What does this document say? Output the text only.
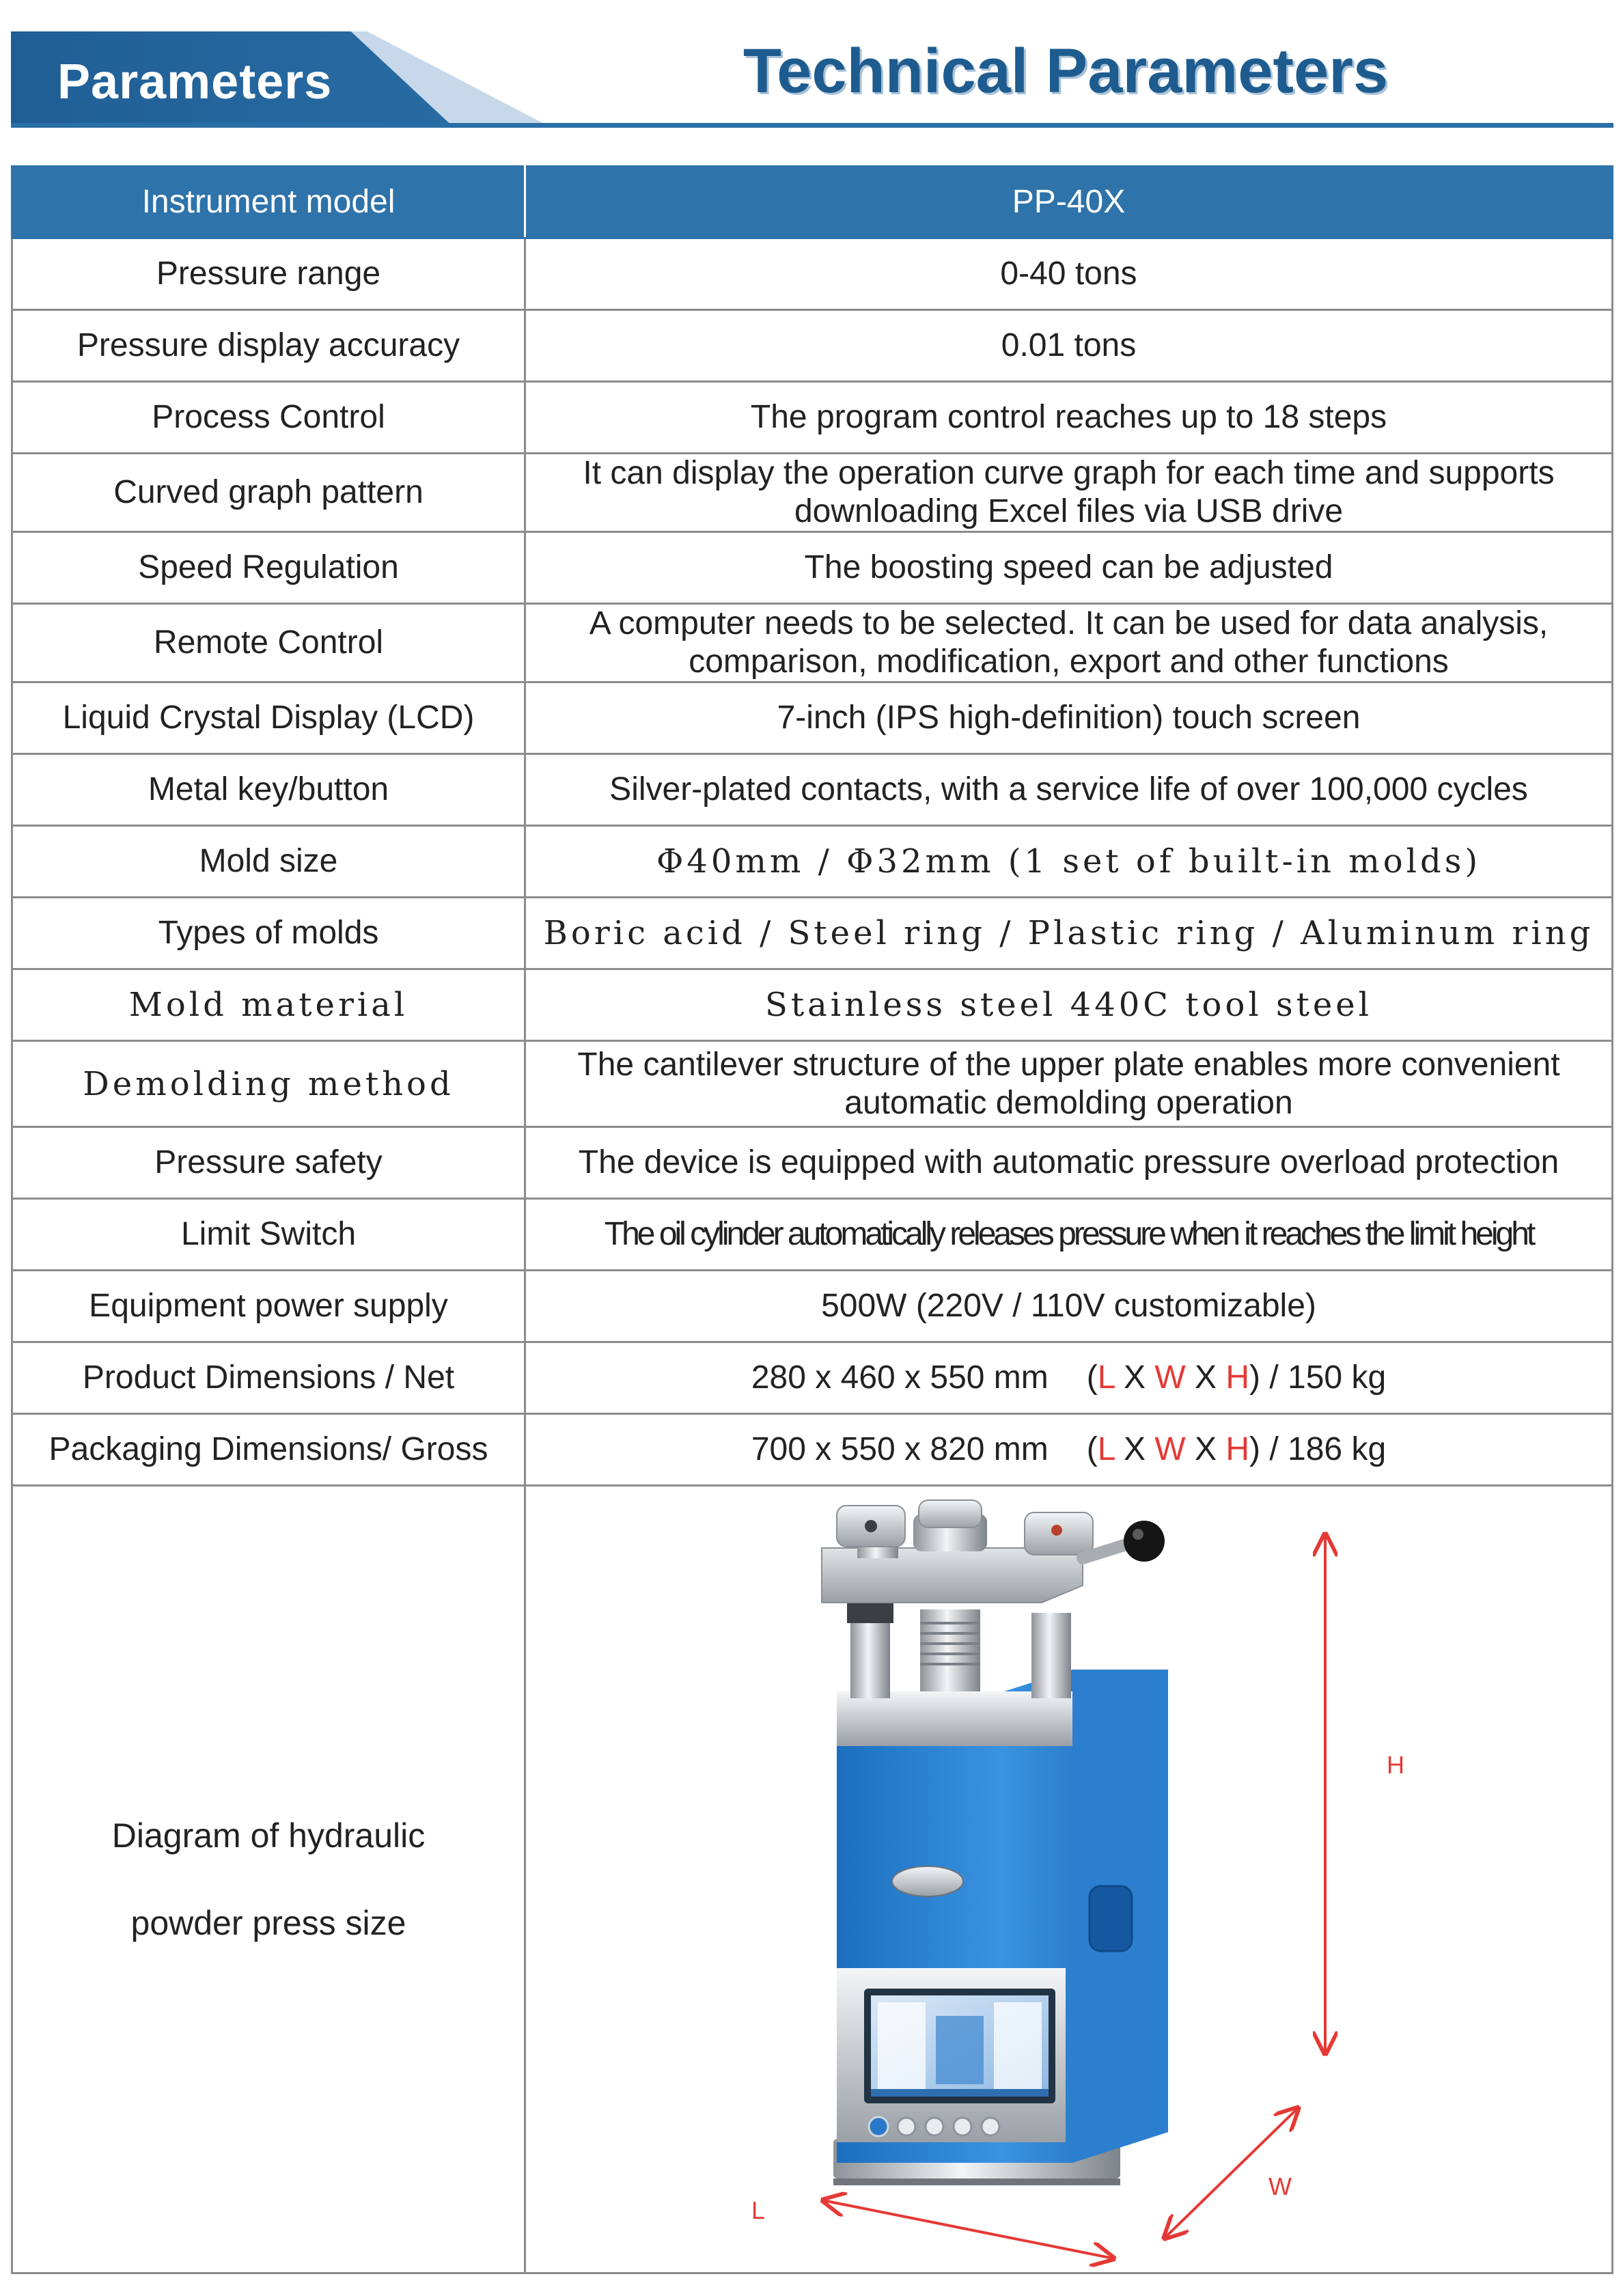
Parameters	Technical Parameters
Instrument model	PP-40X
Pressure range	0-40 tons
Pressure display accuracy	0.01 tons
Process Control	The program control reaches up to 18 steps
Curved graph pattern	It can display the operation curve graph for each time and supports
downloading Excel files via USB drive

Speed Regulation	The boosting speed can be adjusted
Remote Control	A computer needs to be selected. It can be used for data analysis,
comparison, modification, export and other functions

Liquid Crystal Display (LCD)	7-inch (IPS high-definition) touch screen
Metal key/button	Silver-plated contacts, with a service life of over 100,000 cycles
Mold size	Φ40mm / Φ32mm (1 set of built-in molds)
Types of molds	Boric acid / Steel ring / Plastic ring / Aluminum ring
Mold material	Stainless steel 440C tool steel
Demolding method	The cantilever structure of the upper plate enables more convenient
automatic demolding operation

Pressure safety	The device is equipped with automatic pressure overload protection
Limit Switch	The oil cylinder automatically releases pressure when it reaches the limit height
Equipment power supply	500W (220V / 110V customizable)
Product Dimensions / Net	280 x 460 x 550 mm (L X W X H) / 150 kg
Packaging Dimensions/ Gross	700 x 550 x 820 mm (L X W X H) / 186 kg

Diagram of hydraulic
powder press size	H
W
L
